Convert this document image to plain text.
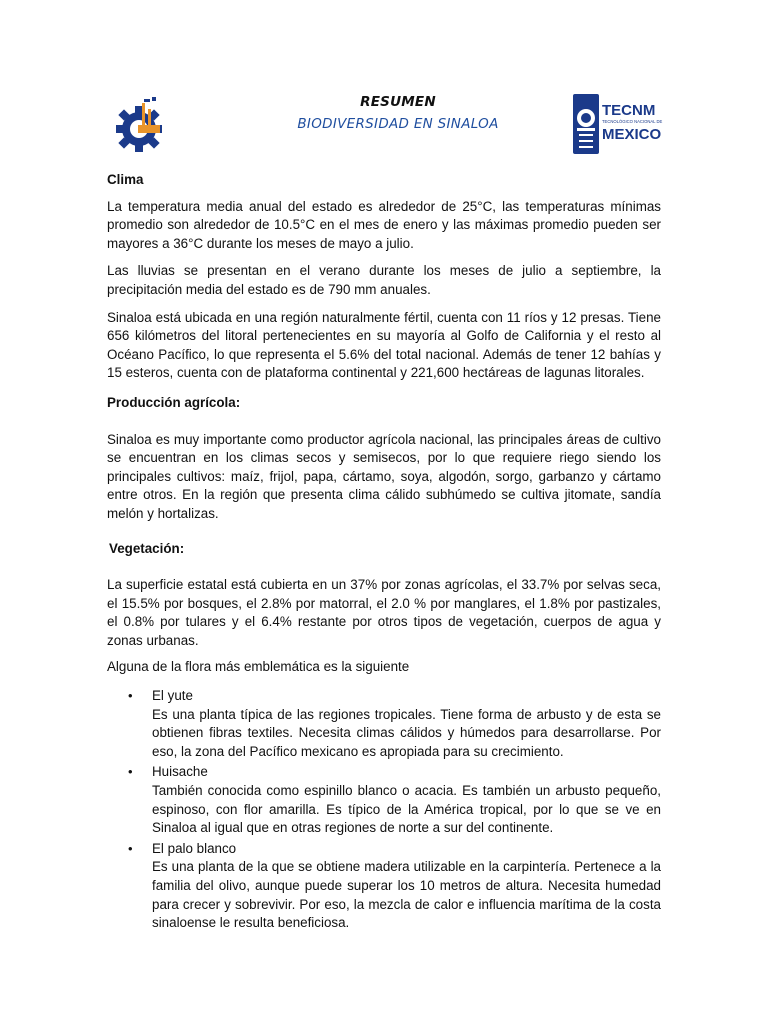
RESUMEN
BIODIVERSIDAD EN SINALOA
TECNM
TECNOLÓGICO NACIONAL DE
MEXICO

Clima

La temperatura media anual del estado es alrededor de 25°C, las temperaturas mínimas promedio son alrededor de 10.5°C en el mes de enero y las máximas promedio pueden ser mayores a 36°C durante los meses de mayo a julio.

Las lluvias se presentan en el verano durante los meses de julio a septiembre, la precipitación media del estado es de 790 mm anuales.

Sinaloa está ubicada en una región naturalmente fértil, cuenta con 11 ríos y 12 presas. Tiene 656 kilómetros del litoral pertenecientes en su mayoría al Golfo de California y el resto al Océano Pacífico, lo que representa el 5.6% del total nacional. Además de tener 12 bahías y 15 esteros, cuenta con de plataforma continental y 221,600 hectáreas de lagunas litorales.

Producción agrícola:

Sinaloa es muy importante como productor agrícola nacional, las principales áreas de cultivo se encuentran en los climas secos y semisecos, por lo que requiere riego siendo los principales cultivos: maíz, frijol, papa, cártamo, soya, algodón, sorgo, garbanzo y cártamo entre otros. En la región que presenta clima cálido subhúmedo se cultiva jitomate, sandía melón y hortalizas.

Vegetación:

La superficie estatal está cubierta en un 37% por zonas agrícolas, el 33.7% por selvas seca, el 15.5% por bosques, el 2.8% por matorral, el 2.0 % por manglares, el 1.8% por pastizales, el 0.8% por tulares y el 6.4% restante por otros tipos de vegetación, cuerpos de agua y zonas urbanas.

Alguna de la flora más emblemática es la siguiente

• El yute
Es una planta típica de las regiones tropicales. Tiene forma de arbusto y de esta se obtienen fibras textiles. Necesita climas cálidos y húmedos para desarrollarse. Por eso, la zona del Pacífico mexicano es apropiada para su crecimiento.
• Huisache
También conocida como espinillo blanco o acacia. Es también un arbusto pequeño, espinoso, con flor amarilla. Es típico de la América tropical, por lo que se ve en Sinaloa al igual que en otras regiones de norte a sur del continente.
• El palo blanco
Es una planta de la que se obtiene madera utilizable en la carpintería. Pertenece a la familia del olivo, aunque puede superar los 10 metros de altura. Necesita humedad para crecer y sobrevivir. Por eso, la mezcla de calor e influencia marítima de la costa sinaloense le resulta beneficiosa.
